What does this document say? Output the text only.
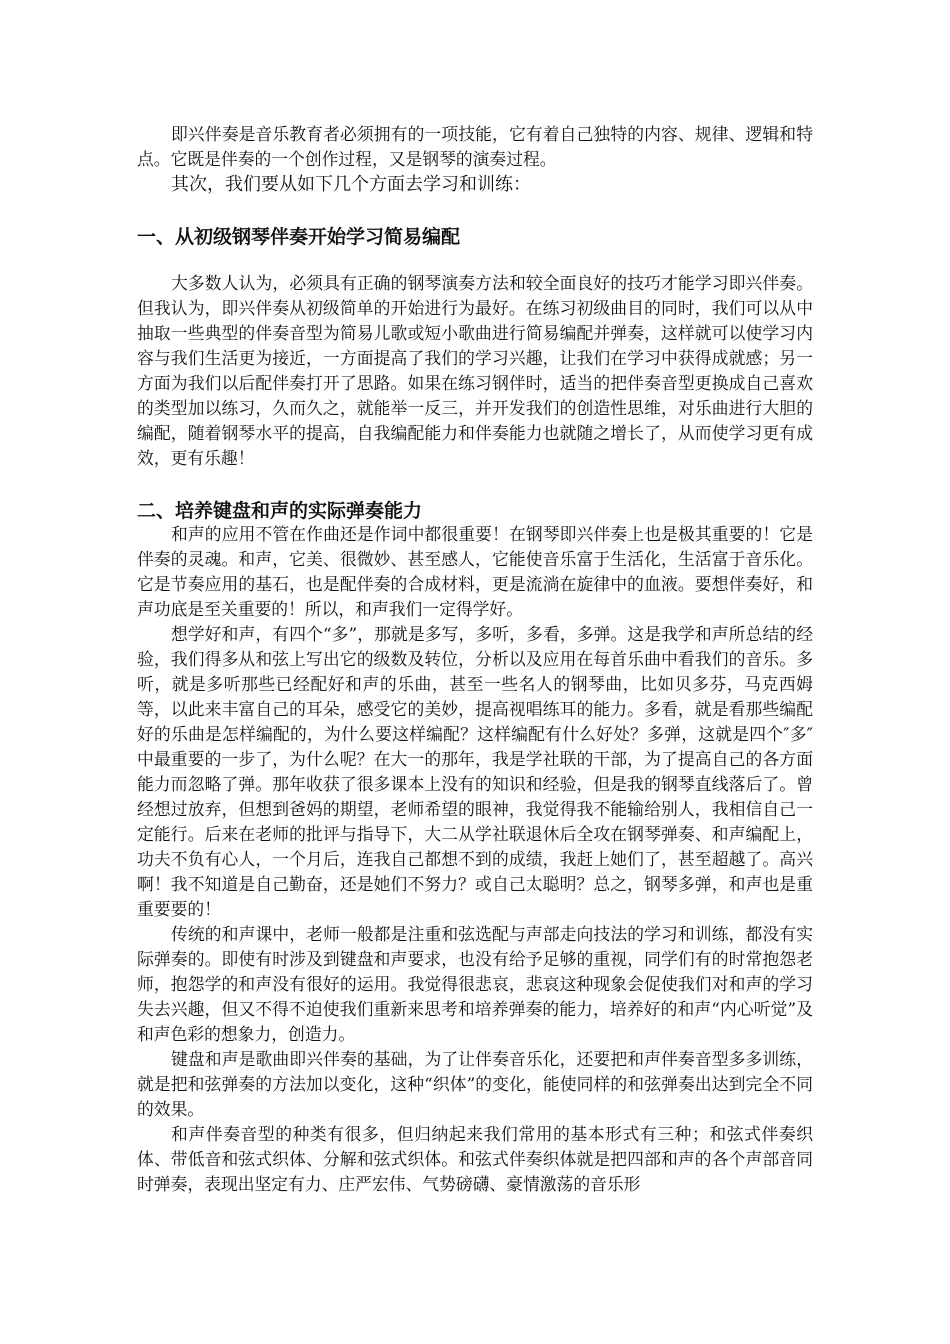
即兴伴奏是音乐教育者必须拥有的一项技能，它有着自己独特的内容、规律、逻辑和特点。它既是伴奏的一个创作过程，又是钢琴的演奏过程。

其次，我们要从如下几个方面去学习和训练：

一、从初级钢琴伴奏开始学习简易编配

大多数人认为，必须具有正确的钢琴演奏方法和较全面良好的技巧才能学习即兴伴奏。但我认为，即兴伴奏从初级简单的开始进行为最好。在练习初级曲目的同时，我们可以从中抽取一些典型的伴奏音型为简易儿歌或短小歌曲进行简易编配并弹奏，这样就可以使学习内容与我们生活更为接近，一方面提高了我们的学习兴趣，让我们在学习中获得成就感；另一方面为我们以后配伴奏打开了思路。如果在练习钢伴时，适当的把伴奏音型更换成自己喜欢的类型加以练习，久而久之，就能举一反三，并开发我们的创造性思维，对乐曲进行大胆的编配，随着钢琴水平的提高，自我编配能力和伴奏能力也就随之增长了，从而使学习更有成效，更有乐趣！

二、培养键盘和声的实际弹奏能力

和声的应用不管在作曲还是作词中都很重要！在钢琴即兴伴奏上也是极其重要的！它是伴奏的灵魂。和声，它美、很微妙、甚至感人，它能使音乐富于生活化，生活富于音乐化。它是节奏应用的基石，也是配伴奏的合成材料，更是流淌在旋律中的血液。要想伴奏好，和声功底是至关重要的！所以，和声我们一定得学好。

想学好和声，有四个“多”，那就是多写，多听，多看，多弹。这是我学和声所总结的经验，我们得多从和弦上写出它的级数及转位，分析以及应用在每首乐曲中看我们的音乐。多听，就是多听那些已经配好和声的乐曲，甚至一些名人的钢琴曲，比如贝多芬，马克西姆等，以此来丰富自己的耳朵，感受它的美妙，提高视唱练耳的能力。多看，就是看那些编配好的乐曲是怎样编配的，为什么要这样编配？这样编配有什么好处？多弹，这就是四个″多″中最重要的一步了，为什么呢？在大一的那年，我是学社联的干部，为了提高自己的各方面能力而忽略了弹。那年收获了很多课本上没有的知识和经验，但是我的钢琴直线落后了。曾经想过放弃，但想到爸妈的期望，老师希望的眼神，我觉得我不能输给别人，我相信自己一定能行。后来在老师的批评与指导下，大二从学社联退休后全攻在钢琴弹奏、和声编配上，功夫不负有心人，一个月后，连我自己都想不到的成绩，我赶上她们了，甚至超越了。高兴啊！我不知道是自己勤奋，还是她们不努力？或自己太聪明？总之，钢琴多弹，和声也是重重要要的！

传统的和声课中，老师一般都是注重和弦选配与声部走向技法的学习和训练，都没有实际弹奏的。即使有时涉及到键盘和声要求，也没有给予足够的重视，同学们有的时常抱怨老师，抱怨学的和声没有很好的运用。我觉得很悲哀，悲哀这种现象会促使我们对和声的学习失去兴趣，但又不得不迫使我们重新来思考和培养弹奏的能力，培养好的和声“内心听觉”及和声色彩的想象力，创造力。

键盘和声是歌曲即兴伴奏的基础，为了让伴奏音乐化，还要把和声伴奏音型多多训练，就是把和弦弹奏的方法加以变化，这种“织体”的变化，能使同样的和弦弹奏出达到完全不同的效果。

和声伴奏音型的种类有很多，但归纳起来我们常用的基本形式有三种；和弦式伴奏织体、带低音和弦式织体、分解和弦式织体。和弦式伴奏织体就是把四部和声的各个声部音同时弹奏，表现出坚定有力、庄严宏伟、气势磅礴、豪情激荡的音乐形
